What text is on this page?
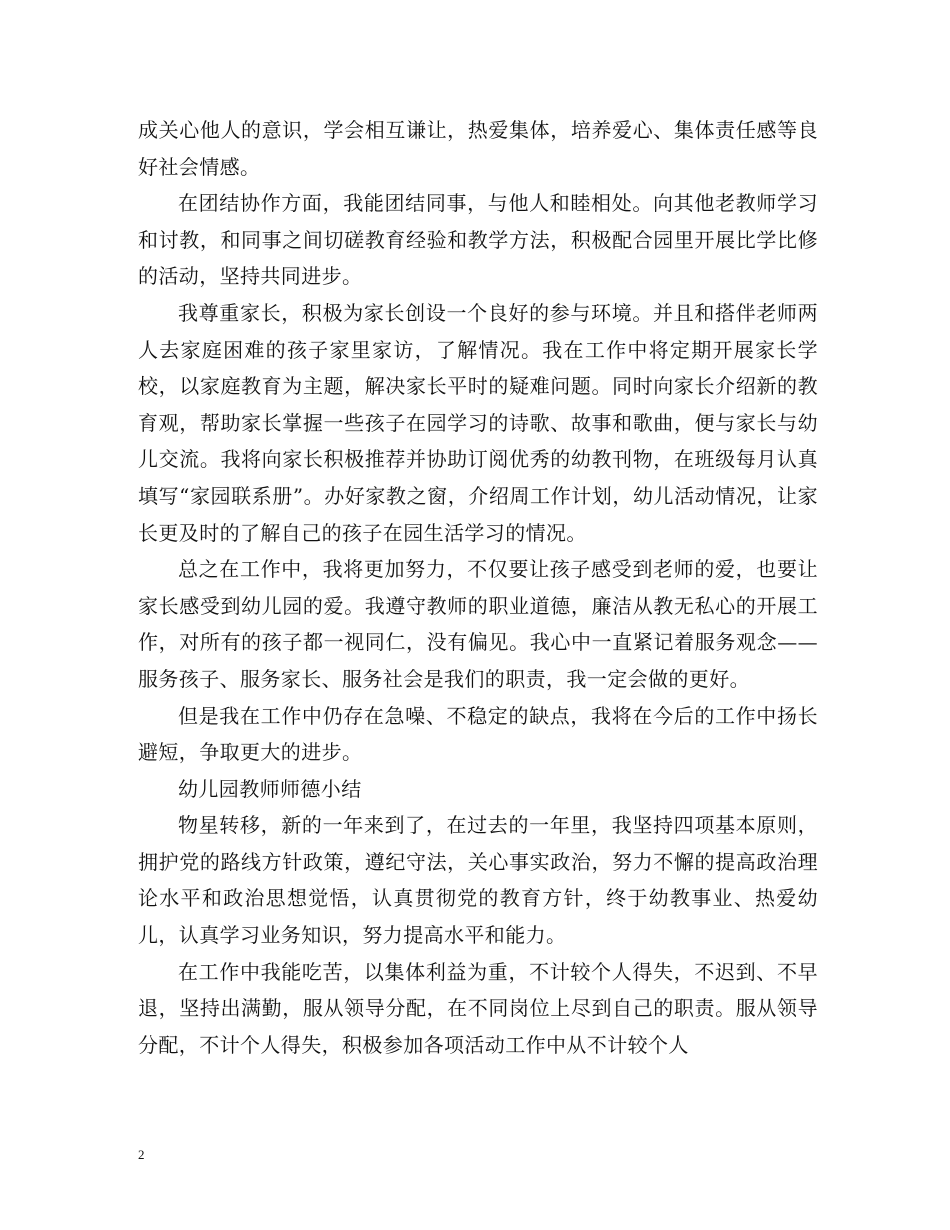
成关心他人的意识，学会相互谦让，热爱集体，培养爱心、集体责任感等良好社会情感。

在团结协作方面，我能团结同事，与他人和睦相处。向其他老教师学习和讨教，和同事之间切磋教育经验和教学方法，积极配合园里开展比学比修的活动，坚持共同进步。

我尊重家长，积极为家长创设一个良好的参与环境。并且和搭伴老师两人去家庭困难的孩子家里家访，了解情况。我在工作中将定期开展家长学校，以家庭教育为主题，解决家长平时的疑难问题。同时向家长介绍新的教育观，帮助家长掌握一些孩子在园学习的诗歌、故事和歌曲，便与家长与幼儿交流。我将向家长积极推荐并协助订阅优秀的幼教刊物，在班级每月认真填写“家园联系册”。办好家教之窗，介绍周工作计划，幼儿活动情况，让家长更及时的了解自己的孩子在园生活学习的情况。

总之在工作中，我将更加努力，不仅要让孩子感受到老师的爱，也要让家长感受到幼儿园的爱。我遵守教师的职业道德，廉洁从教无私心的开展工作，对所有的孩子都一视同仁，没有偏见。我心中一直紧记着服务观念——服务孩子、服务家长、服务社会是我们的职责，我一定会做的更好。

但是我在工作中仍存在急噪、不稳定的缺点，我将在今后的工作中扬长避短，争取更大的进步。

幼儿园教师师德小结

物星转移，新的一年来到了，在过去的一年里，我坚持四项基本原则，拥护党的路线方针政策，遵纪守法，关心事实政治，努力不懈的提高政治理论水平和政治思想觉悟，认真贯彻党的教育方针，终于幼教事业、热爱幼儿，认真学习业务知识，努力提高水平和能力。

在工作中我能吃苦，以集体利益为重，不计较个人得失，不迟到、不早退，坚持出满勤，服从领导分配，在不同岗位上尽到自己的职责。服从领导分配，不计个人得失，积极参加各项活动工作中从不计较个人

2
